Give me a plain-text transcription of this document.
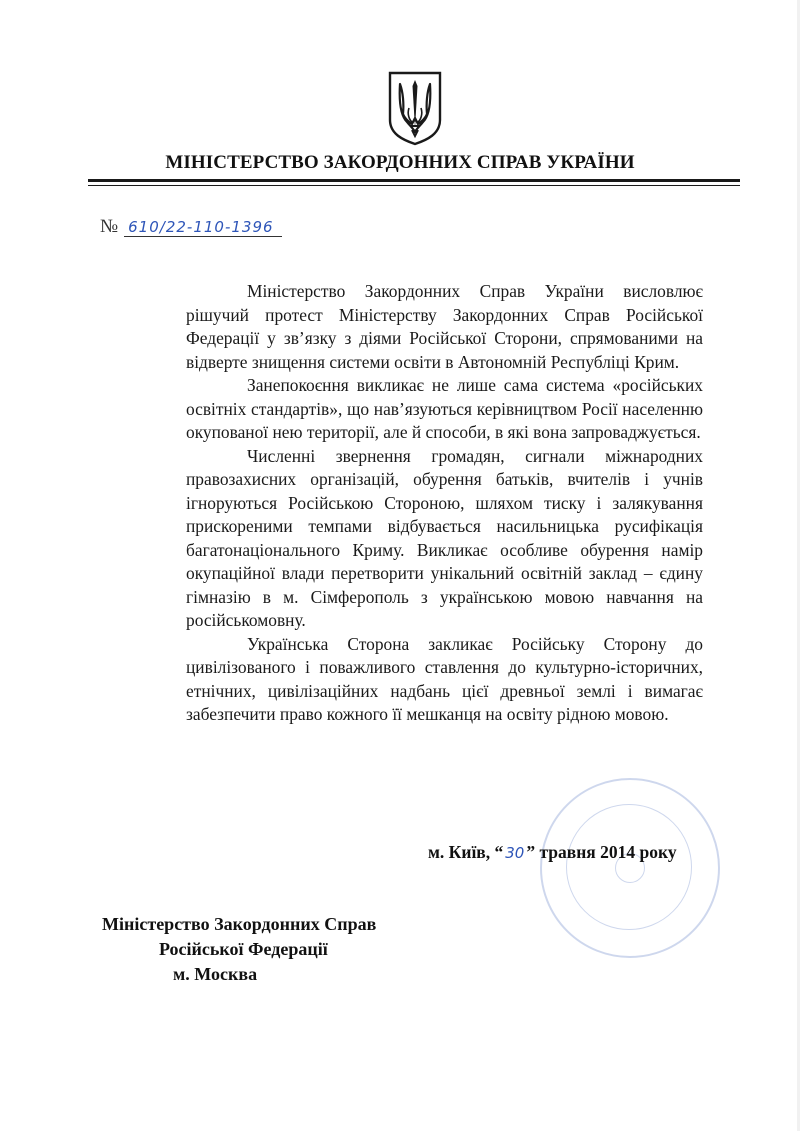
МІНІСТЕРСТВО ЗАКОРДОННИХ СПРАВ УКРАЇНИ
№ 610/22-110-1396

Міністерство Закордонних Справ України висловлює рішучий протест Міністерству Закордонних Справ Російської Федерації у зв’язку з діями Російської Сторони, спрямованими на відверте знищення системи освіти в Автономній Республіці Крим.

Занепокоєння викликає не лише сама система «російських освітніх стандартів», що нав’язуються керівництвом Росії населенню окупованої нею території, але й способи, в які вона запроваджується.

Численні звернення громадян, сигнали міжнародних правозахисних організацій, обурення батьків, вчителів і учнів ігноруються Російською Стороною, шляхом тиску і залякування прискореними темпами відбувається насильницька русифікація багатонаціонального Криму. Викликає особливе обурення намір окупаційної влади перетворити унікальний освітній заклад – єдину гімназію в м. Сімферополь з українською мовою навчання на російськомовну.

Українська Сторона закликає Російську Сторону до цивілізованого і поважливого ставлення до культурно-історичних, етнічних, цивілізаційних надбань цієї древньої землі і вимагає забезпечити право кожного її мешканця на освіту рідною мовою.

м. Київ, “ 30 ” травня 2014 року
Міністерство Закордонних Справ
Російської Федерації
м. Москва
